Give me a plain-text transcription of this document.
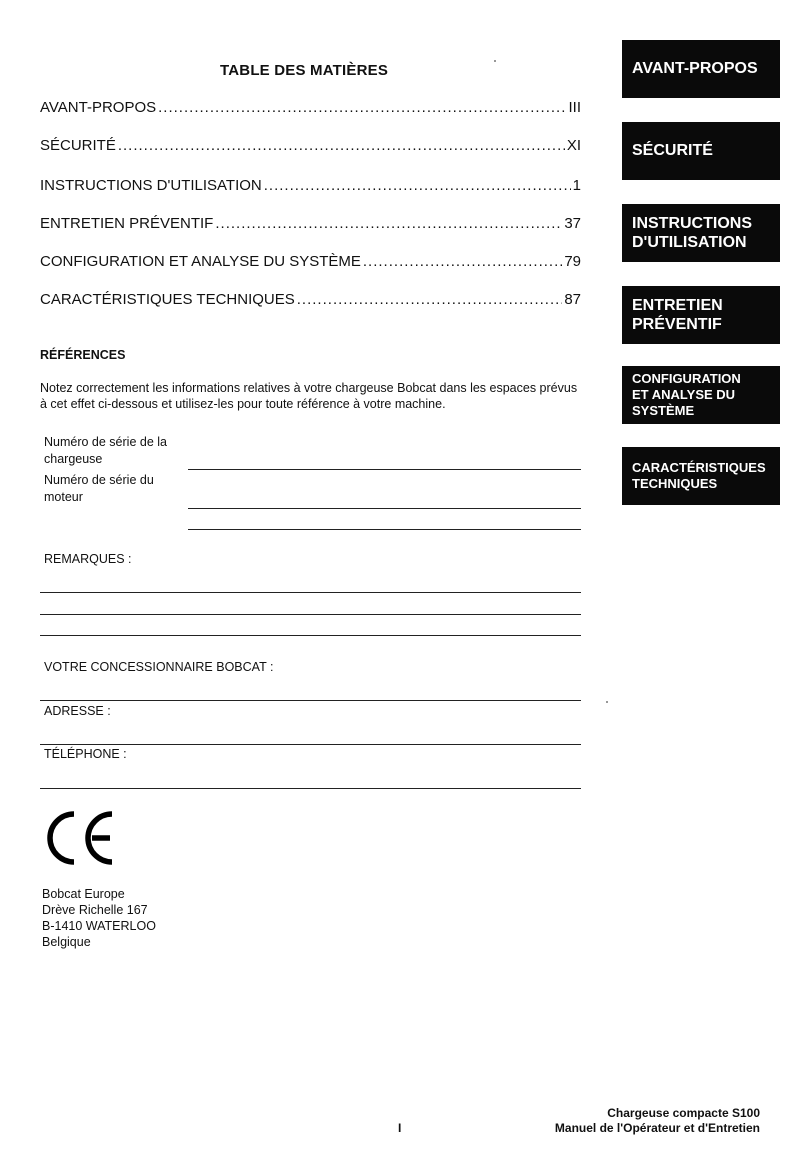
TABLE DES MATIÈRES
AVANT-PROPOS .....	III
SÉCURITÉ .....	XI
INSTRUCTIONS D'UTILISATION .....	1
ENTRETIEN PRÉVENTIF .....	37
CONFIGURATION ET ANALYSE DU SYSTÈME .....	79
CARACTÉRISTIQUES TECHNIQUES .....	87
RÉFÉRENCES
Notez correctement les informations relatives à votre chargeuse Bobcat dans les espaces prévus à cet effet ci-dessous et utilisez-les pour toute référence à votre machine.
Numéro de série de la chargeuse
Numéro de série du moteur
REMARQUES :
VOTRE CONCESSIONNAIRE BOBCAT :
ADRESSE :
TÉLÉPHONE :
AVANT-PROPOS
SÉCURITÉ
INSTRUCTIONS
D'UTILISATION
ENTRETIEN
PRÉVENTIF
CONFIGURATION
ET ANALYSE DU
SYSTÈME
CARACTÉRISTIQUES
TECHNIQUES
Bobcat Europe
Drève Richelle 167
B-1410 WATERLOO
Belgique
I
Chargeuse compacte S100
Manuel de l'Opérateur et d'Entretien
